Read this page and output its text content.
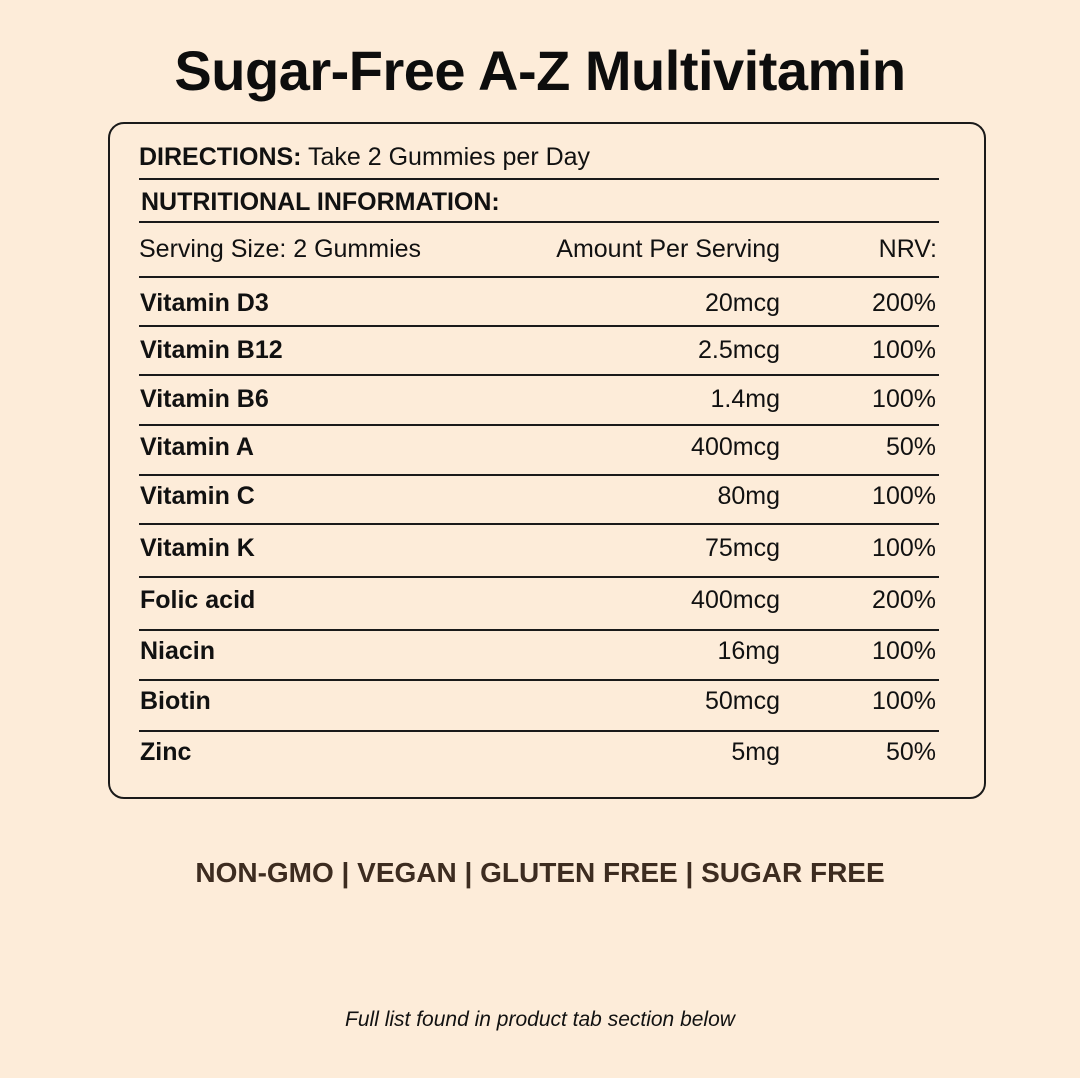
Sugar-Free A-Z Multivitamin
DIRECTIONS: Take 2 Gummies per Day
NUTRITIONAL INFORMATION:
Serving Size: 2 Gummies	Amount Per Serving	NRV:
Vitamin D3	20mcg	200%
Vitamin B12	2.5mcg	100%
Vitamin B6	1.4mg	100%
Vitamin A	400mcg	50%
Vitamin C	80mg	100%
Vitamin K	75mcg	100%
Folic acid	400mcg	200%
Niacin	16mg	100%
Biotin	50mcg	100%
Zinc	5mg	50%
NON-GMO | VEGAN | GLUTEN FREE | SUGAR FREE
Full list found in product tab section below
